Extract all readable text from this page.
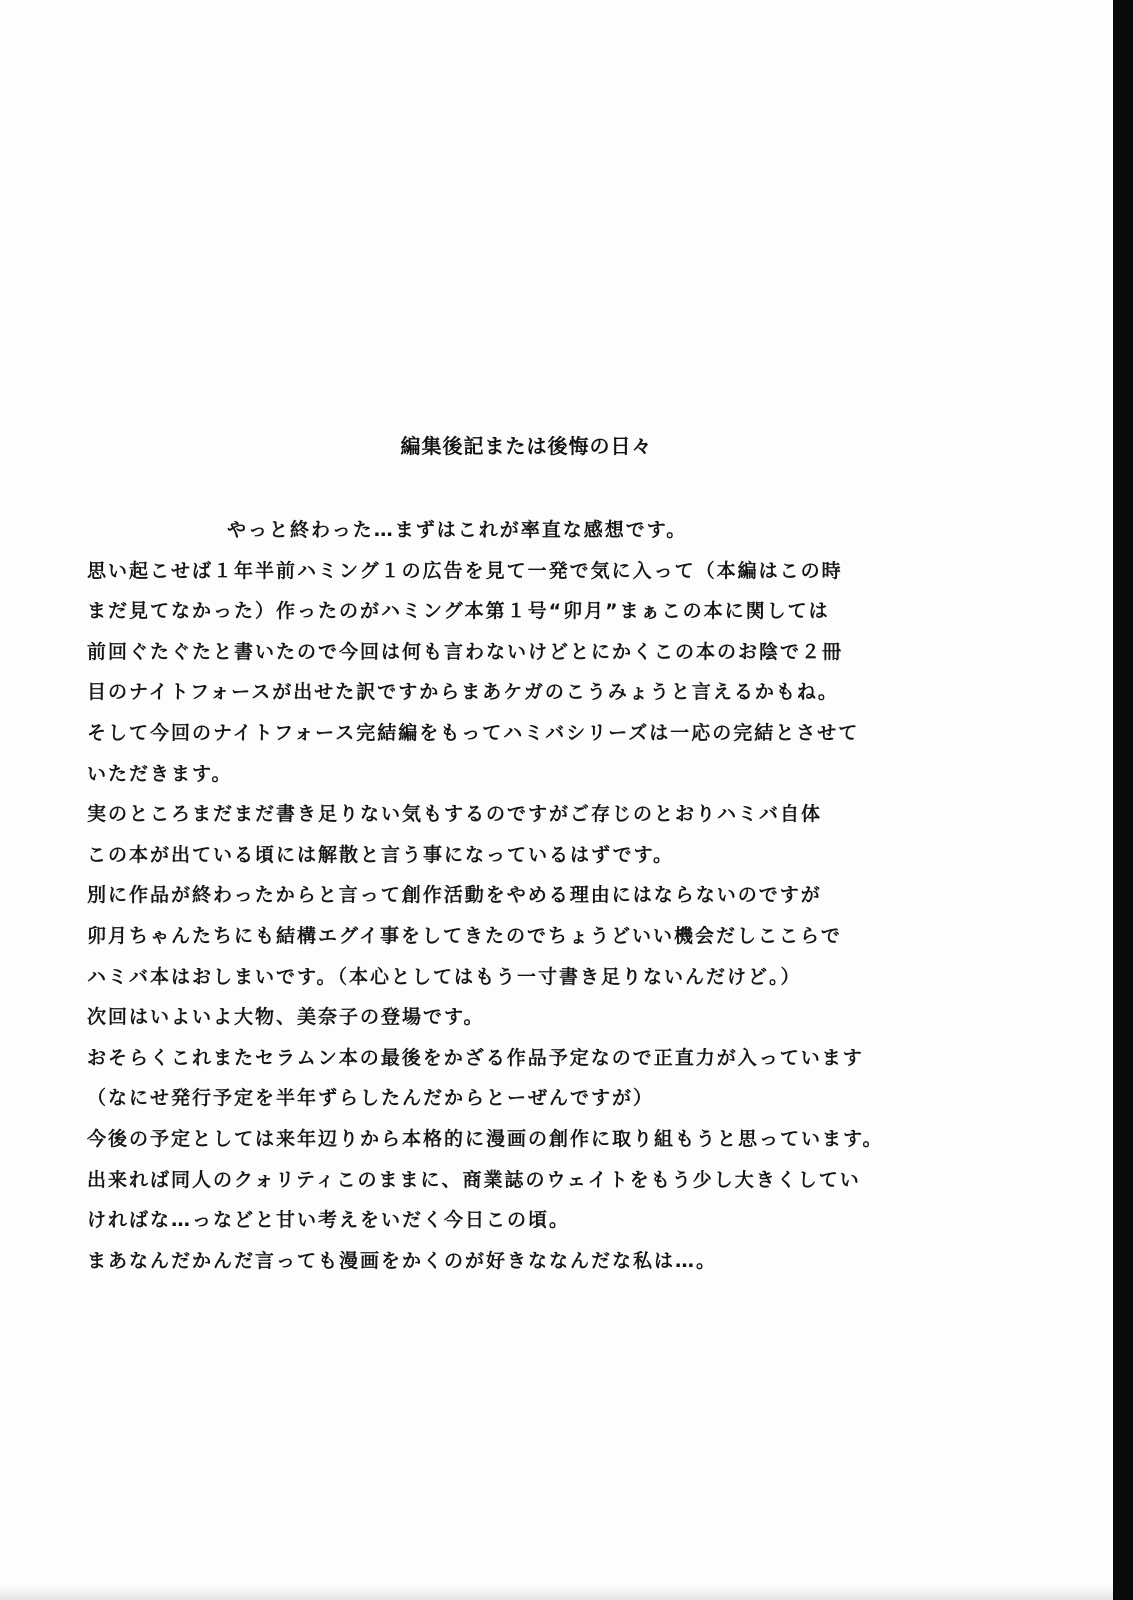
編集後記または後悔の日々
やっと終わった…まずはこれが率直な感想です。
思い起こせば１年半前ハミング１の広告を見て一発で気に入って（本編はこの時
まだ見てなかった）作ったのがハミング本第１号“卯月”まぁこの本に関しては
前回ぐたぐたと書いたので今回は何も言わないけどとにかくこの本のお陰で２冊
目のナイトフォースが出せた訳ですからまあケガのこうみょうと言えるかもね。
そして今回のナイトフォース完結編をもってハミバシリーズは一応の完結とさせて
いただきます。
実のところまだまだ書き足りない気もするのですがご存じのとおりハミバ自体
この本が出ている頃には解散と言う事になっているはずです。
別に作品が終わったからと言って創作活動をやめる理由にはならないのですが
卯月ちゃんたちにも結構エグイ事をしてきたのでちょうどいい機会だしここらで
ハミバ本はおしまいです。（本心としてはもう一寸書き足りないんだけど。）
次回はいよいよ大物、美奈子の登場です。
おそらくこれまたセラムン本の最後をかざる作品予定なので正直力が入っています
（なにせ発行予定を半年ずらしたんだからとーぜんですが）
今後の予定としては来年辺りから本格的に漫画の創作に取り組もうと思っています。
出来れば同人のクォリティこのままに、商業誌のウェイトをもう少し大きくしてい
ければな…っなどと甘い考えをいだく今日この頃。
まあなんだかんだ言っても漫画をかくのが好きななんだな私は…。
